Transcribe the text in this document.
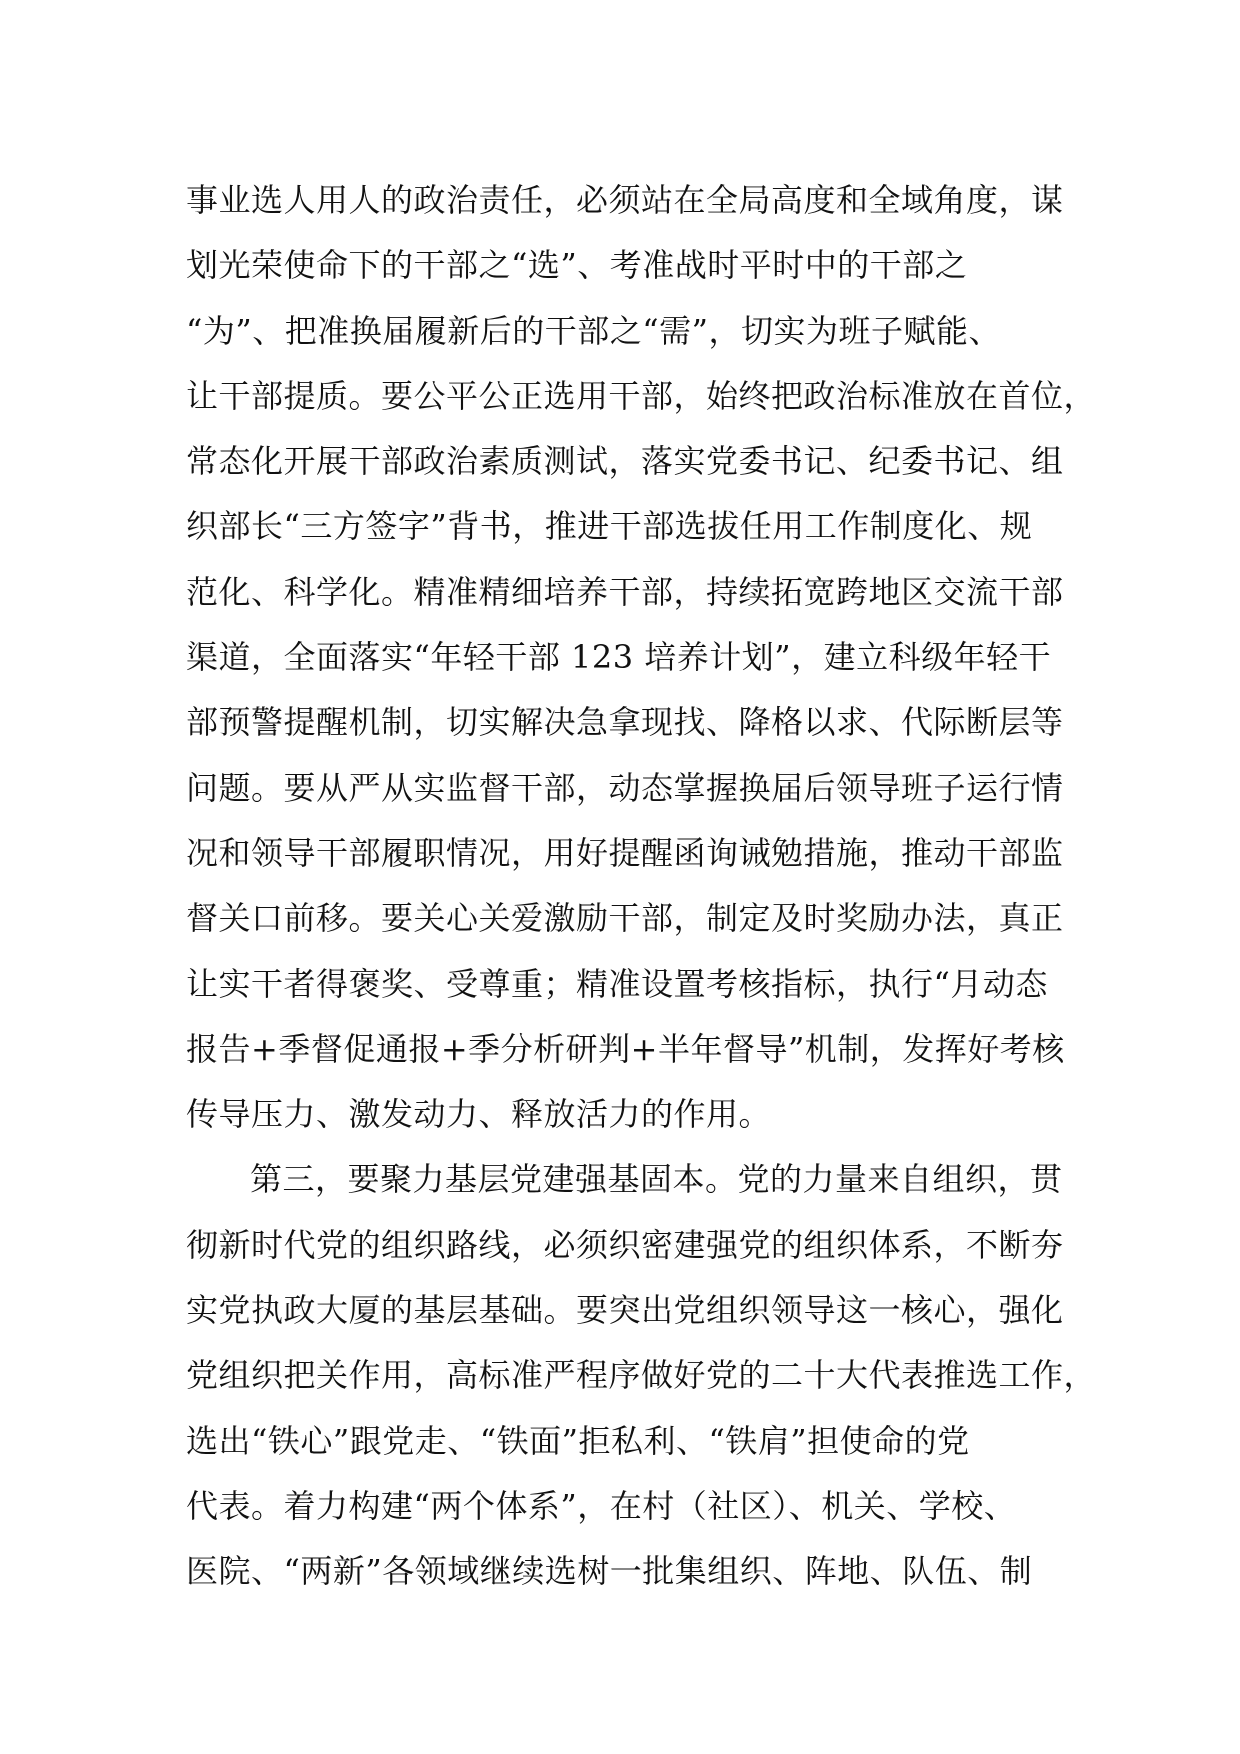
事业选人用人的政治责任，必须站在全局高度和全域角度，谋
划光荣使命下的干部之“选”、考准战时平时中的干部之
“为”、把准换届履新后的干部之“需”，切实为班子赋能、
让干部提质。要公平公正选用干部，始终把政治标准放在首位，
常态化开展干部政治素质测试，落实党委书记、纪委书记、组
织部长“三方签字”背书，推进干部选拔任用工作制度化、规
范化、科学化。精准精细培养干部，持续拓宽跨地区交流干部
渠道，全面落实“年轻干部 123 培养计划”，建立科级年轻干
部预警提醒机制，切实解决急拿现找、降格以求、代际断层等
问题。要从严从实监督干部，动态掌握换届后领导班子运行情
况和领导干部履职情况，用好提醒函询诫勉措施，推动干部监
督关口前移。要关心关爱激励干部，制定及时奖励办法，真正
让实干者得褒奖、受尊重；精准设置考核指标，执行“月动态
报告+季督促通报+季分析研判+半年督导”机制，发挥好考核
传导压力、激发动力、释放活力的作用。
第三，要聚力基层党建强基固本。党的力量来自组织，贯
彻新时代党的组织路线，必须织密建强党的组织体系，不断夯
实党执政大厦的基层基础。要突出党组织领导这一核心，强化
党组织把关作用，高标准严程序做好党的二十大代表推选工作，
选出“铁心”跟党走、“铁面”拒私利、“铁肩”担使命的党
代表。着力构建“两个体系”，在村（社区）、机关、学校、
医院、“两新”各领域继续选树一批集组织、阵地、队伍、制
